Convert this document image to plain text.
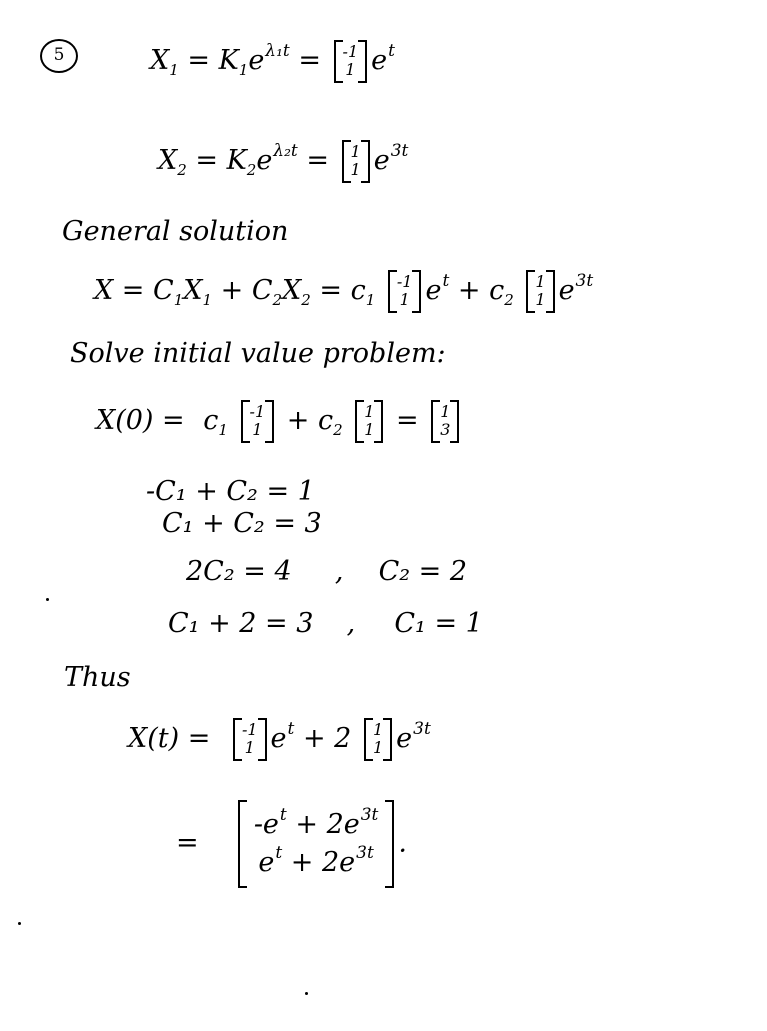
5	$X_1 = K_1e^{\lambda_1t} = -1$
1 $e^t$
$X_2 = K_2e^{\lambda_2t} = 1$
1 $e^{3t}$
General solution
$X = C_1X_1 + C_2X_2 = c_1$
-1
1 $e^t + c_2$
1
1 $e^{3t}$
Solve initial value problem:
$X(0) = c_1$
-1
$1 + c_2$
1
1 = 1
3
-C₁ + C₂ = 1
C₁ + C₂ = 3
2C₂ = 4 , C₂ = 2
C₁ + 2 = 3 , C₁ = 1
Thus
X(t) = -1
1 $e^t + 2$ 1
1 $e^{3t}$
=
$-e^t + 2e^{3t}$
$e^t + 2e^{3t}$ .
